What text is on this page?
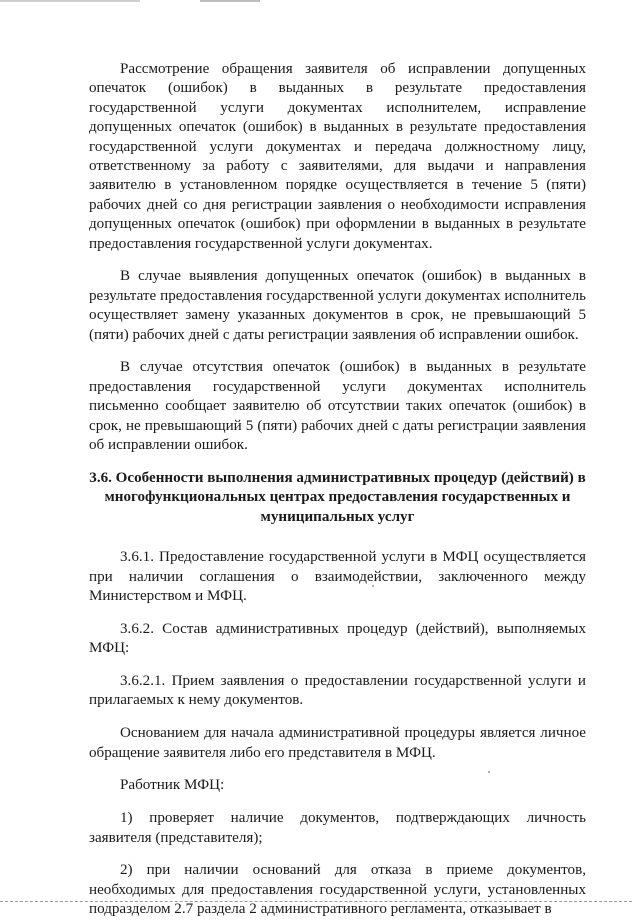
Рассмотрение обращения заявителя об исправлении допущенных опечаток (ошибок) в выданных в результате предоставления государственной услуги документах исполнителем, исправление допущенных опечаток (ошибок) в выданных в результате предоставления государственной услуги документах и передача должностному лицу, ответственному за работу с заявителями, для выдачи и направления заявителю в установленном порядке осуществляется в течение 5 (пяти) рабочих дней со дня регистрации заявления о необходимости исправления допущенных опечаток (ошибок) при оформлении в выданных в результате предоставления государственной услуги документах.

В случае выявления допущенных опечаток (ошибок) в выданных в результате предоставления государственной услуги документах исполнитель осуществляет замену указанных документов в срок, не превышающий 5 (пяти) рабочих дней с даты регистрации заявления об исправлении ошибок.

В случае отсутствия опечаток (ошибок) в выданных в результате предоставления государственной услуги документах исполнитель письменно сообщает заявителю об отсутствии таких опечаток (ошибок) в срок, не превышающий 5 (пяти) рабочих дней с даты регистрации заявления об исправлении ошибок.

3.6. Особенности выполнения административных процедур (действий) в многофункциональных центрах предоставления государственных и муниципальных услуг

3.6.1. Предоставление государственной услуги в МФЦ осуществляется при наличии соглашения о взаимодействии, заключенного между Министерством и МФЦ.

3.6.2. Состав административных процедур (действий), выполняемых МФЦ:

3.6.2.1. Прием заявления о предоставлении государственной услуги и прилагаемых к нему документов.

Основанием для начала административной процедуры является личное обращение заявителя либо его представителя в МФЦ.

Работник МФЦ:

1) проверяет наличие документов, подтверждающих личность заявителя (представителя);

2) при наличии оснований для отказа в приеме документов, необходимых для предоставления государственной услуги, установленных подразделом 2.7 раздела 2 административного регламента, отказывает в
